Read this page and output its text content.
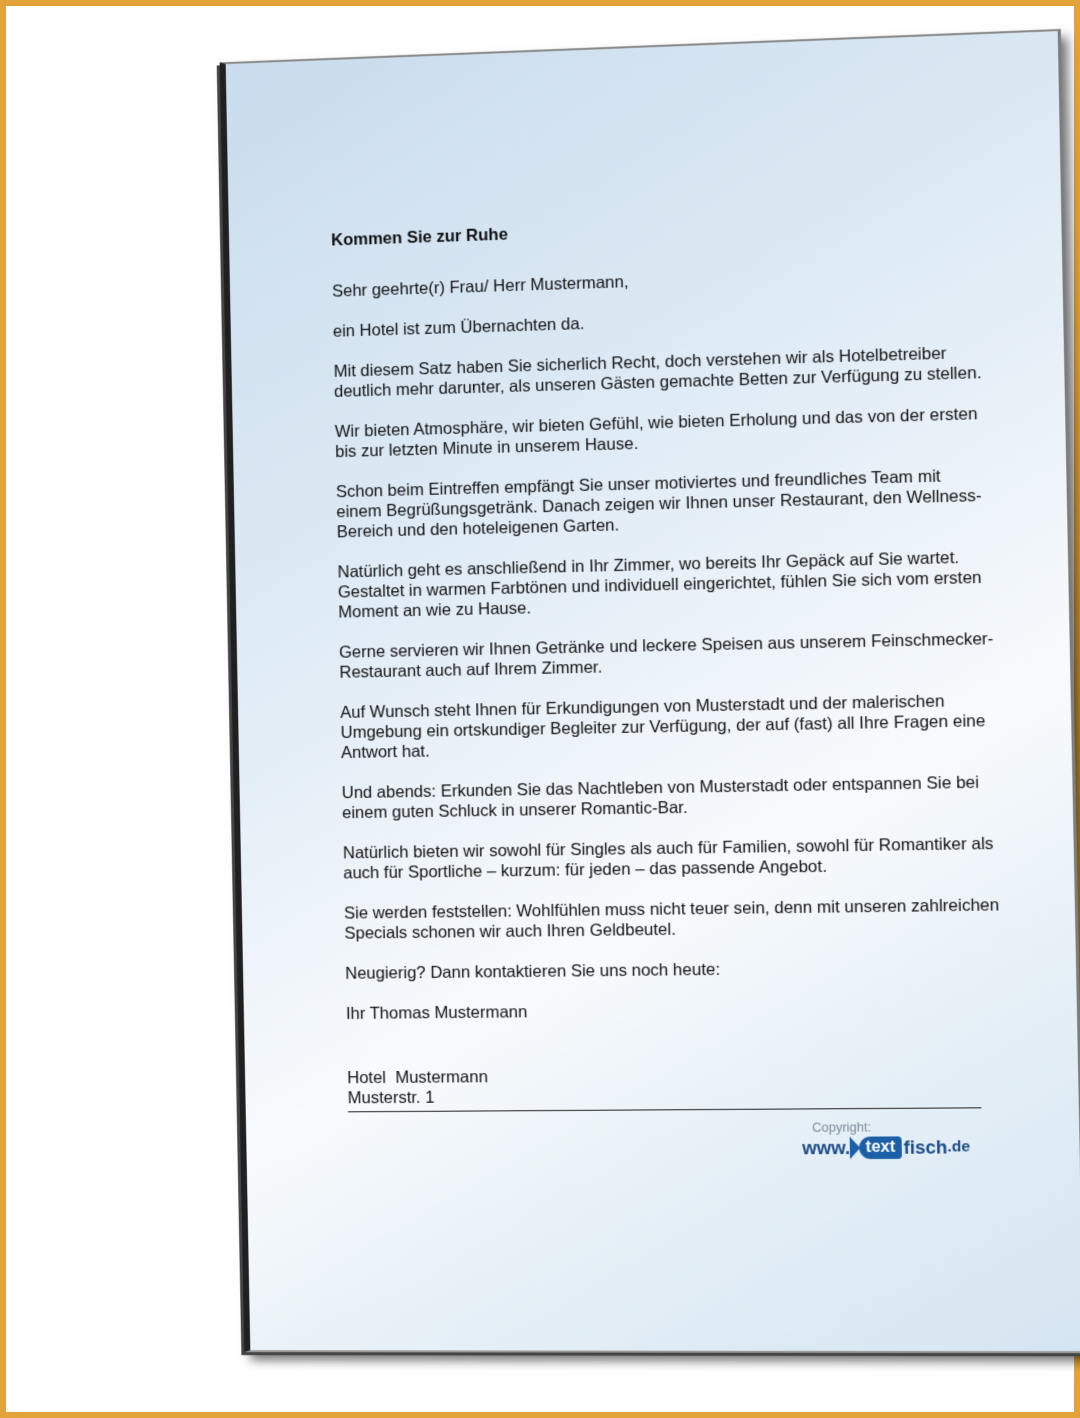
Kommen Sie zur Ruhe

Sehr geehrte(r) Frau/ Herr Mustermann,

ein Hotel ist zum Übernachten da.

Mit diesem Satz haben Sie sicherlich Recht, doch verstehen wir als Hotelbetreiber deutlich mehr darunter, als unseren Gästen gemachte Betten zur Verfügung zu stellen.

Wir bieten Atmosphäre, wir bieten Gefühl, wie bieten Erholung und das von der ersten bis zur letzten Minute in unserem Hause.

Schon beim Eintreffen empfängt Sie unser motiviertes und freundliches Team mit einem Begrüßungsgetränk. Danach zeigen wir Ihnen unser Restaurant, den Wellness-Bereich und den hoteleigenen Garten.

Natürlich geht es anschließend in Ihr Zimmer, wo bereits Ihr Gepäck auf Sie wartet. Gestaltet in warmen Farbtönen und individuell eingerichtet, fühlen Sie sich vom ersten Moment an wie zu Hause.

Gerne servieren wir Ihnen Getränke und leckere Speisen aus unserem Feinschmecker-Restaurant auch auf Ihrem Zimmer.

Auf Wunsch steht Ihnen für Erkundigungen von Musterstadt und der malerischen Umgebung ein ortskundiger Begleiter zur Verfügung, der auf (fast) all Ihre Fragen eine Antwort hat.

Und abends: Erkunden Sie das Nachtleben von Musterstadt oder entspannen Sie bei einem guten Schluck in unserer Romantic-Bar.

Natürlich bieten wir sowohl für Singles als auch für Familien, sowohl für Romantiker als auch für Sportliche – kurzum: für jeden – das passende Angebot.

Sie werden feststellen: Wohlfühlen muss nicht teuer sein, denn mit unseren zahlreichen Specials schonen wir auch Ihren Geldbeutel.

Neugierig? Dann kontaktieren Sie uns noch heute:

Ihr Thomas Mustermann

Hotel  Mustermann
Musterstr. 1
Copyright:
www. text fisch .de
